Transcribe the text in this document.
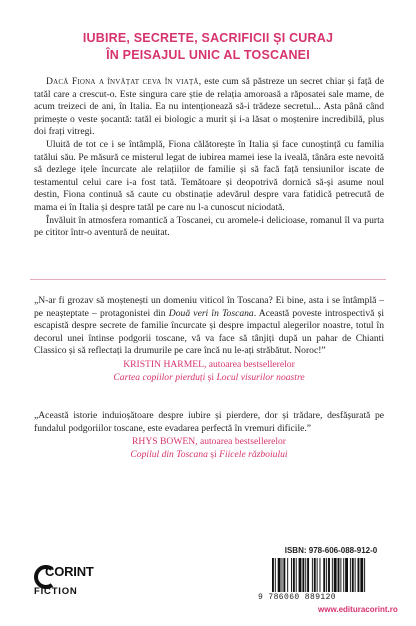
IUBIRE, SECRETE, SACRIFICII ȘI CURAJ
ÎN PEISAJUL UNIC AL TOSCANEI

Dacă Fiona a învățat ceva în viață, este cum să păstreze un secret chiar și față de tatăl care a crescut-o. Este singura care știe de relația amoroasă a răposatei sale mame, de acum treizeci de ani, în Italia. Ea nu intenționează să-i trădeze secretul... Asta până când primește o veste șocantă: tatăl ei biologic a murit și i-a lăsat o moștenire incredibilă, plus doi frați vitregi.

Uluită de tot ce i se întâmplă, Fiona călătorește în Italia și face cunoștință cu familia tatălui său. Pe măsură ce misterul legat de iubirea mamei iese la iveală, tânăra este nevoită să dezlege ițele încurcate ale relațiilor de familie și să facă față tensiunilor iscate de testamentul celui care i-a fost tată. Temătoare și deopotrivă dornică să-și asume noul destin, Fiona continuă să caute cu obstinație adevărul despre vara fatidică petrecută de mama ei în Italia și despre tatăl pe care nu l-a cunoscut niciodată.

Învăluit în atmosfera romantică a Toscanei, cu aromele-i delicioase, romanul îl va purta pe cititor într-o aventură de neuitat.

„N-ar fi grozav să moștenești un domeniu viticol în Toscana? Ei bine, asta i se întâmplă – pe neașteptate – protagonistei din Două veri în Toscana. Această poveste introspectivă și escapistă despre secrete de familie încurcate și despre impactul alegerilor noastre, totul în decorul unei întinse podgorii toscane, vă va face să tânjiți după un pahar de Chianti Classico și să reflectați la drumurile pe care încă nu le-ați străbătut. Noroc!”

KRISTIN HARMEL, autoarea bestsellerelor

Cartea copiilor pierduți și Locul visurilor noastre

„Această istorie induioșătoare despre iubire și pierdere, dor și trădare, desfășurată pe fundalul podgoriilor toscane, este evadarea perfectă în vremuri dificile.”

RHYS BOWEN, autoarea bestsellerelor

Copilul din Toscana și Fiicele războiului

CORINT
FICTION
ISBN: 978-606-088-912-0
9 786060 889120
www.edituracorint.ro
